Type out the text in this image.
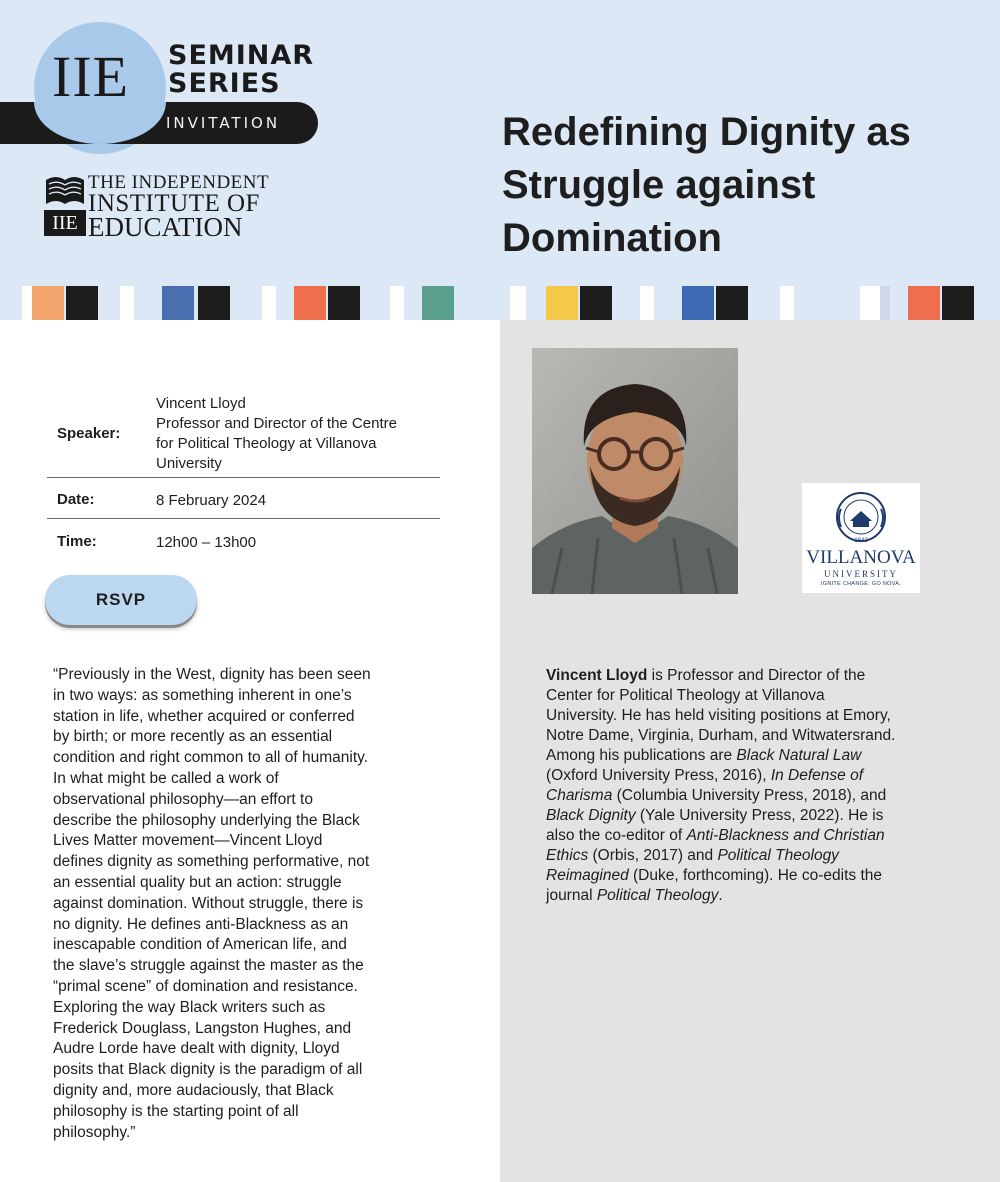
IIE SEMINAR
SERIES
INVITATION
IIE
THE INDEPENDENT
INSTITUTE OF
EDUCATION
Redefining Dignity as Struggle against Domination
Speaker:
Vincent Lloyd
Professor and Director of the Centre
for Political Theology at Villanova
University
Date:	8 February 2024
Time:	12h00 – 13h00
RSVP

“Previously in the West, dignity has been seen
in two ways: as something inherent in one’s
station in life, whether acquired or conferred
by birth; or more recently as an essential
condition and right common to all of humanity.
In what might be called a work of
observational philosophy—an effort to
describe the philosophy underlying the Black
Lives Matter movement—Vincent Lloyd
defines dignity as something performative, not
an essential quality but an action: struggle
against domination. Without struggle, there is
no dignity. He defines anti-Blackness as an
inescapable condition of American life, and
the slave’s struggle against the master as the
“primal scene” of domination and resistance.
Exploring the way Black writers such as
Frederick Douglass, Langston Hughes, and
Audre Lorde have dealt with dignity, Lloyd
posits that Black dignity is the paradigm of all
dignity and, more audaciously, that Black
philosophy is the starting point of all
philosophy.”

1842
VILLANOVA
UNIVERSITY
IGNITE CHANGE. GO NOVA.

Vincent Lloyd is Professor and Director of the Center for Political Theology at Villanova University. He has held visiting positions at Emory, Notre Dame, Virginia, Durham, and Witwatersrand. Among his publications are Black Natural Law (Oxford University Press, 2016), In Defense of Charisma (Columbia University Press, 2018), and Black Dignity (Yale University Press, 2022). He is also the co-editor of Anti-Blackness and Christian Ethics (Orbis, 2017) and Political Theology Reimagined (Duke, forthcoming). He co-edits the journal Political Theology.
